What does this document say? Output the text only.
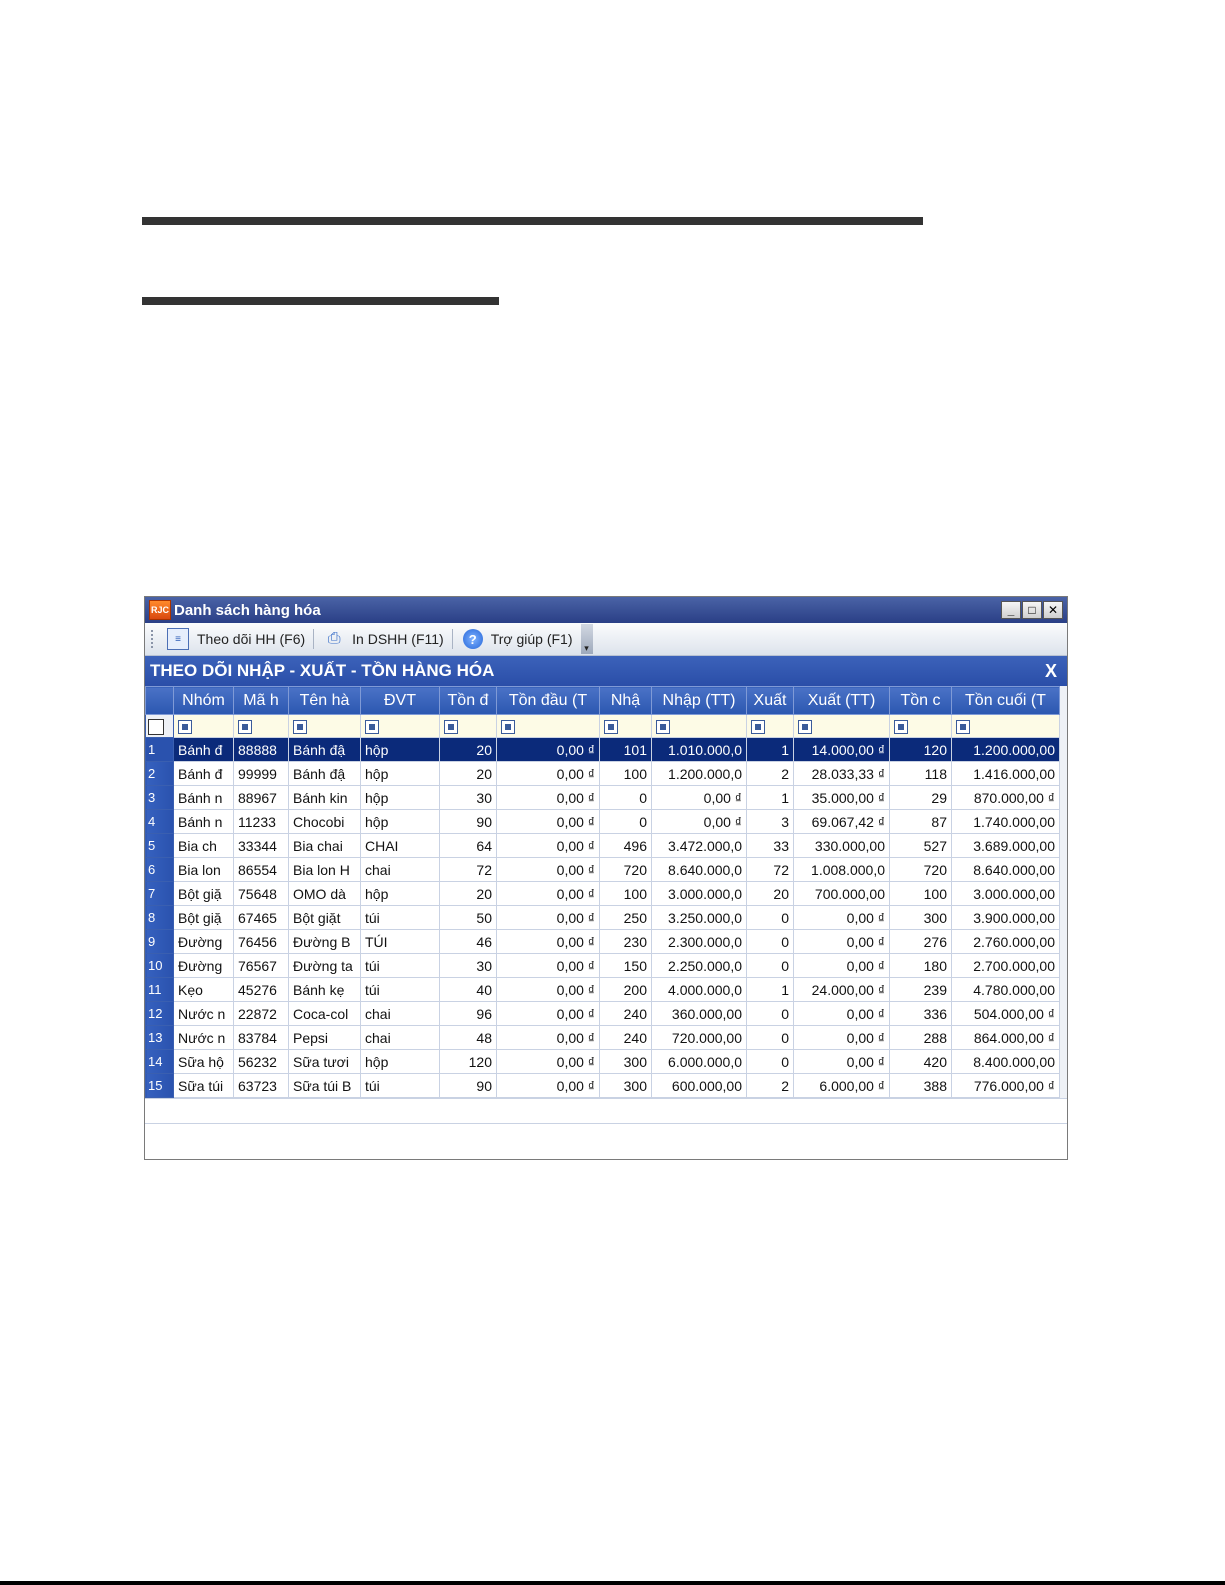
RJC Danh sách hàng hóa	_	□	✕
≡	Theo dõi HH (F6) ⎙ In DSHH (F11)	?	Trợ giúp (F1)
▾
THEO DÕI NHẬP - XUẤT - TỒN HÀNG HÓA	X
	Nhóm	Mã h	Tên hà	ĐVT	Tồn đ	Tồn đầu (T	Nhậ	Nhập (TT)	Xuất	Xuất (TT)	Tồn c	Tồn cuối (T
⧄												
1	Bánh đ	88888	Bánh đậ	hộp	20	0,00 ₫	101	1.010.000,0	1	14.000,00 ₫	120	1.200.000,00
2	Bánh đ	99999	Bánh đậ	hộp	20	0,00 ₫	100	1.200.000,0	2	28.033,33 ₫	118	1.416.000,00
3	Bánh n	88967	Bánh kin	hộp	30	0,00 ₫	0	0,00 ₫	1	35.000,00 ₫	29	870.000,00 ₫
4	Bánh n	11233	Chocobi	hộp	90	0,00 ₫	0	0,00 ₫	3	69.067,42 ₫	87	1.740.000,00
5	Bia ch	33344	Bia chai	CHAI	64	0,00 ₫	496	3.472.000,0	33	330.000,00	527	3.689.000,00
6	Bia lon	86554	Bia lon H	chai	72	0,00 ₫	720	8.640.000,0	72	1.008.000,0	720	8.640.000,00
7	Bột giặ	75648	OMO dà	hộp	20	0,00 ₫	100	3.000.000,0	20	700.000,00	100	3.000.000,00
8	Bột giặ	67465	Bột giặt	túi	50	0,00 ₫	250	3.250.000,0	0	0,00 ₫	300	3.900.000,00
9	Đường	76456	Đường B	TÚI	46	0,00 ₫	230	2.300.000,0	0	0,00 ₫	276	2.760.000,00
10	Đường	76567	Đường ta	túi	30	0,00 ₫	150	2.250.000,0	0	0,00 ₫	180	2.700.000,00
11	Kẹo	45276	Bánh kẹ	túi	40	0,00 ₫	200	4.000.000,0	1	24.000,00 ₫	239	4.780.000,00
12	Nước n	22872	Coca-col	chai	96	0,00 ₫	240	360.000,00	0	0,00 ₫	336	504.000,00 ₫
13	Nước n	83784	Pepsi	chai	48	0,00 ₫	240	720.000,00	0	0,00 ₫	288	864.000,00 ₫
14	Sữa hộ	56232	Sữa tươi	hộp	120	0,00 ₫	300	6.000.000,0	0	0,00 ₫	420	8.400.000,00
15	Sữa túi	63723	Sữa túi B	túi	90	0,00 ₫	300	600.000,00	2	6.000,00 ₫	388	776.000,00 ₫
